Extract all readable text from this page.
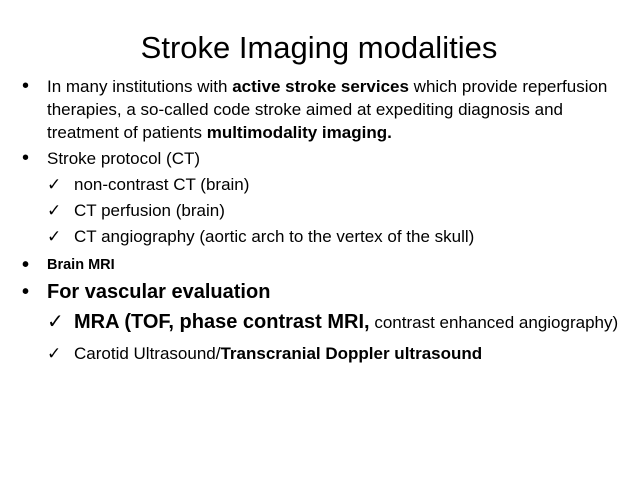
Stroke Imaging modalities
• In many institutions with active stroke services which provide reperfusion therapies, a so-called code stroke aimed at expediting diagnosis and treatment of patients multimodality imaging.
• Stroke protocol (CT)
✓ non-contrast CT (brain)
✓ CT perfusion (brain)
✓ CT angiography (aortic arch to the vertex of the skull)
• Brain MRI
• For vascular evaluation
✓ MRA (TOF, phase contrast MRI, contrast enhanced angiography)
✓ Carotid Ultrasound/Transcranial Doppler ultrasound
